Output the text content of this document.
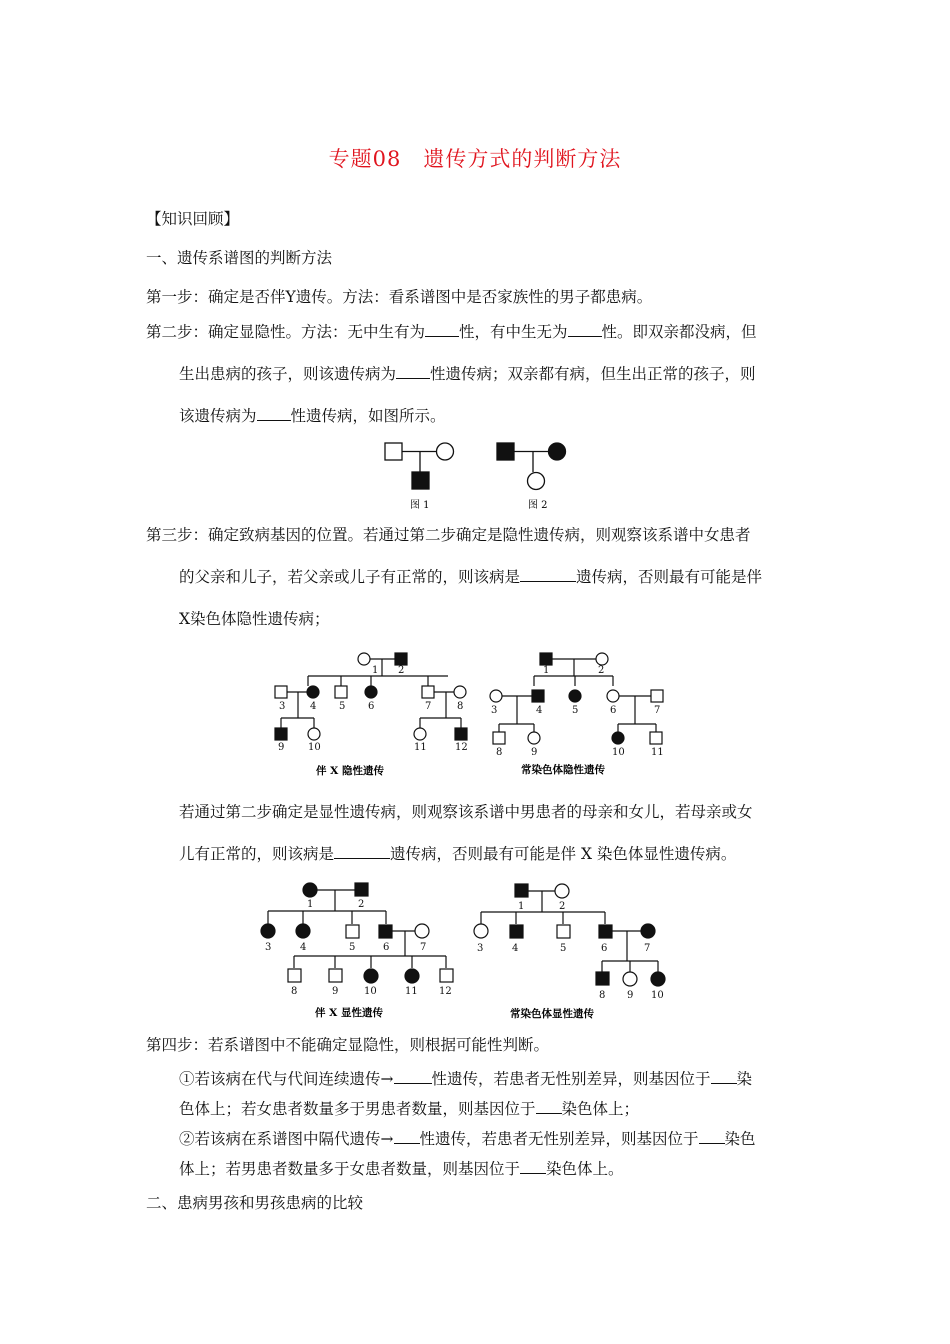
专题08　遗传方式的判断方法
【知识回顾】
一、遗传系谱图的判断方法
第一步：确定是否伴Y遗传。方法：看系谱图中是否家族性的男子都患病。
第二步：确定显隐性。方法：无中生有为 性，有中生无为 性。即双亲都没病，但
生出患病的孩子，则该遗传病为 性遗传病；双亲都有病，但生出正常的孩子，则
该遗传病为 性遗传病，如图所示。
图 1	图 2
第三步：确定致病基因的位置。若通过第二步确定是隐性遗传病，则观察该系谱中女患者
的父亲和儿子，若父亲或儿子有正常的，则该病是	遗传病，否则最有可能是伴
X染色体隐性遗传病；
1 2
3 4 5 6	7	8
9 10	11	12
1	2
3	4	5	6	7
8	9	10	11
伴 X 隐性遗传	常染色体隐性遗传
若通过第二步确定是显性遗传病，则观察该系谱中男患者的母亲和女儿，若母亲或女
儿有正常的，则该病是	遗传病，否则最有可能是伴 X 染色体显性遗传病。
1	2
3	4	5	6	7
8	9	10	11 12
1	2
3	4	5	6	7
8 9 10
伴 X 显性遗传	常染色体显性遗传
第四步：若系谱图中不能确定显隐性，则根据可能性判断。
①若该病在代与代间连续遗传→ 性遗传，若患者无性别差异，则基因位于 染
色体上；若女患者数量多于男患者数量，则基因位于 染色体上；
②若该病在系谱图中隔代遗传→ 性遗传，若患者无性别差异，则基因位于 染色
体上；若男患者数量多于女患者数量，则基因位于 染色体上。
二、患病男孩和男孩患病的比较
